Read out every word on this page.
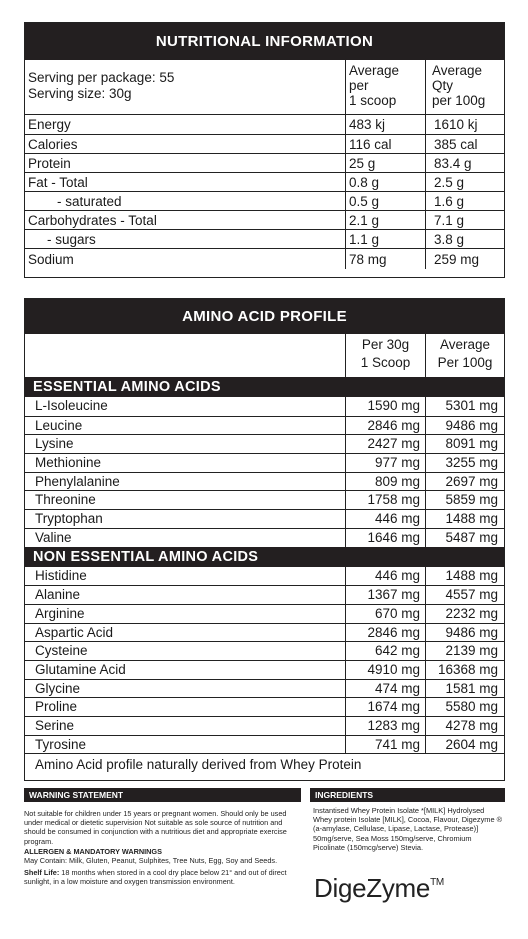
NUTRITIONAL INFORMATION
Serving per package: 55
Serving size: 30g
Average
per
1 scoop
Average
Qty
per 100g
Energy	483 kj	1610 kj
Calories	116 cal	385 cal
Protein	25 g	83.4 g
Fat - Total	0.8 g	2.5 g
- saturated	0.5 g	1.6 g
Carbohydrates - Total	2.1 g	7.1 g
- sugars	1.1 g	3.8 g
Sodium	78 mg	259 mg
AMINO ACID PROFILE
Per 30g
1 Scoop
Average
Per 100g
ESSENTIAL AMINO ACIDS
L-Isoleucine	1590 mg	5301 mg
Leucine	2846 mg	9486 mg
Lysine	2427 mg	8091 mg
Methionine	977 mg	3255 mg
Phenylalanine	809 mg	2697 mg
Threonine	1758 mg	5859 mg
Tryptophan	446 mg	1488 mg
Valine	1646 mg	5487 mg
NON ESSENTIAL AMINO ACIDS
Histidine	446 mg	1488 mg
Alanine	1367 mg	4557 mg
Arginine	670 mg	2232 mg
Aspartic Acid	2846 mg	9486 mg
Cysteine	642 mg	2139 mg
Glutamine Acid	4910 mg	16368 mg
Glycine	474 mg	1581 mg
Proline	1674 mg	5580 mg
Serine	1283 mg	4278 mg
Tyrosine	741 mg	2604 mg
Amino Acid profile naturally derived from Whey Protein
WARNING STATEMENT
Not suitable for children under 15 years or pregnant women. Should only be used under medical or dietetic supervision Not suitable as sole source of nutrition and should be consumed in conjunction with a nutritious diet and appropriate exercise program.
ALLERGEN & MANDATORY WARNINGS
May Contain: Milk, Gluten, Peanut, Sulphites, Tree Nuts, Egg, Soy and Seeds.
Shelf Life: 18 months when stored in a cool dry place below 21° and out of direct sunlight, in a low moisture and oxygen transmission environment.
INGREDIENTS
Instantised Whey Protein Isolate *[MILK] Hydrolysed Whey protein Isolate [MILK], Cocoa, Flavour, Digezyme ® (a-amylase, Cellulase, Lipase, Lactase, Protease)] 50mg/serve, Sea Moss 150mg/serve, Chromium Picolinate (150mcg/serve) Stevia.
DigeZyme™
